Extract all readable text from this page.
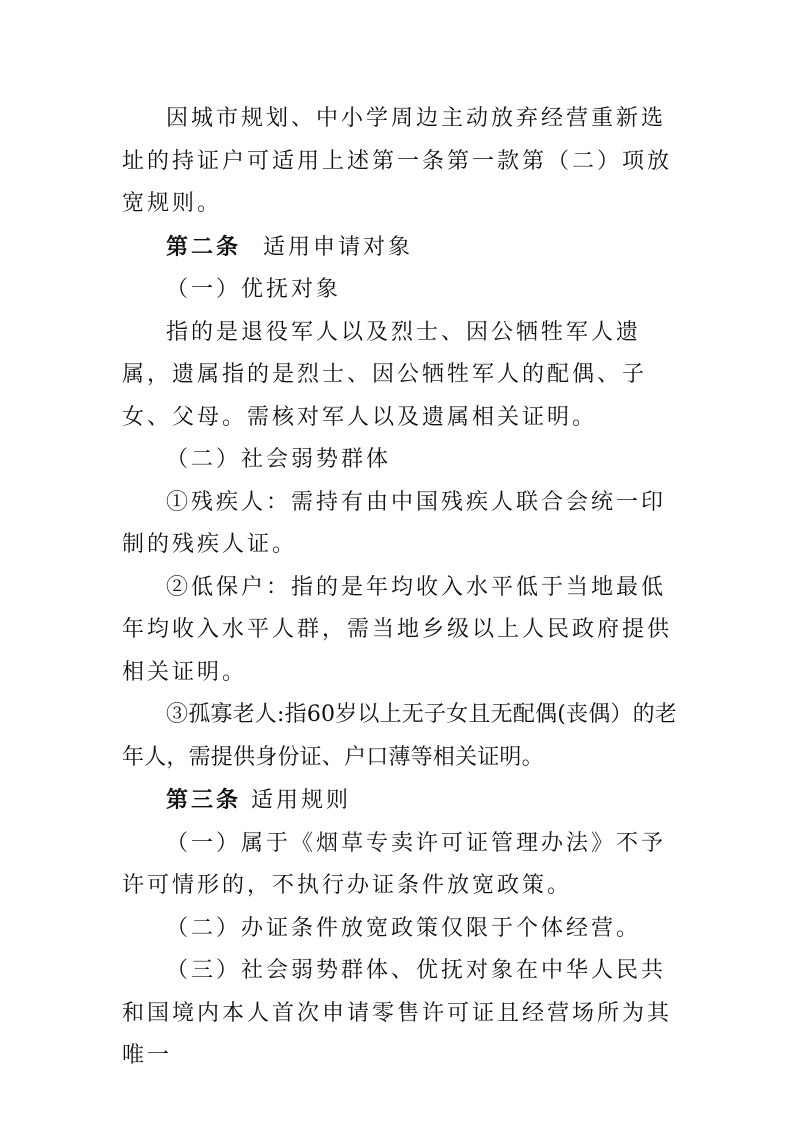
因城市规划、中小学周边主动放弃经营重新选址的持证户可适用上述第一条第一款第（二）项放宽规则。

第二条 适用申请对象

（一）优抚对象

指的是退役军人以及烈士、因公牺牲军人遗属，遗属指的是烈士、因公牺牲军人的配偶、子女、父母。需核对军人以及遗属相关证明。

（二）社会弱势群体

①残疾人：需持有由中国残疾人联合会统一印制的残疾人证。

②低保户：指的是年均收入水平低于当地最低年均收入水平人群，需当地乡级以上人民政府提供相关证明。

③孤寡老人:指60岁以上无子女且无配偶(丧偶）的老年人，需提供身份证、户口薄等相关证明。

第三条 适用规则

（一）属于《烟草专卖许可证管理办法》不予许可情形的，不执行办证条件放宽政策。

（二）办证条件放宽政策仅限于个体经营。

（三）社会弱势群体、优抚对象在中华人民共和国境内本人首次申请零售许可证且经营场所为其唯一
